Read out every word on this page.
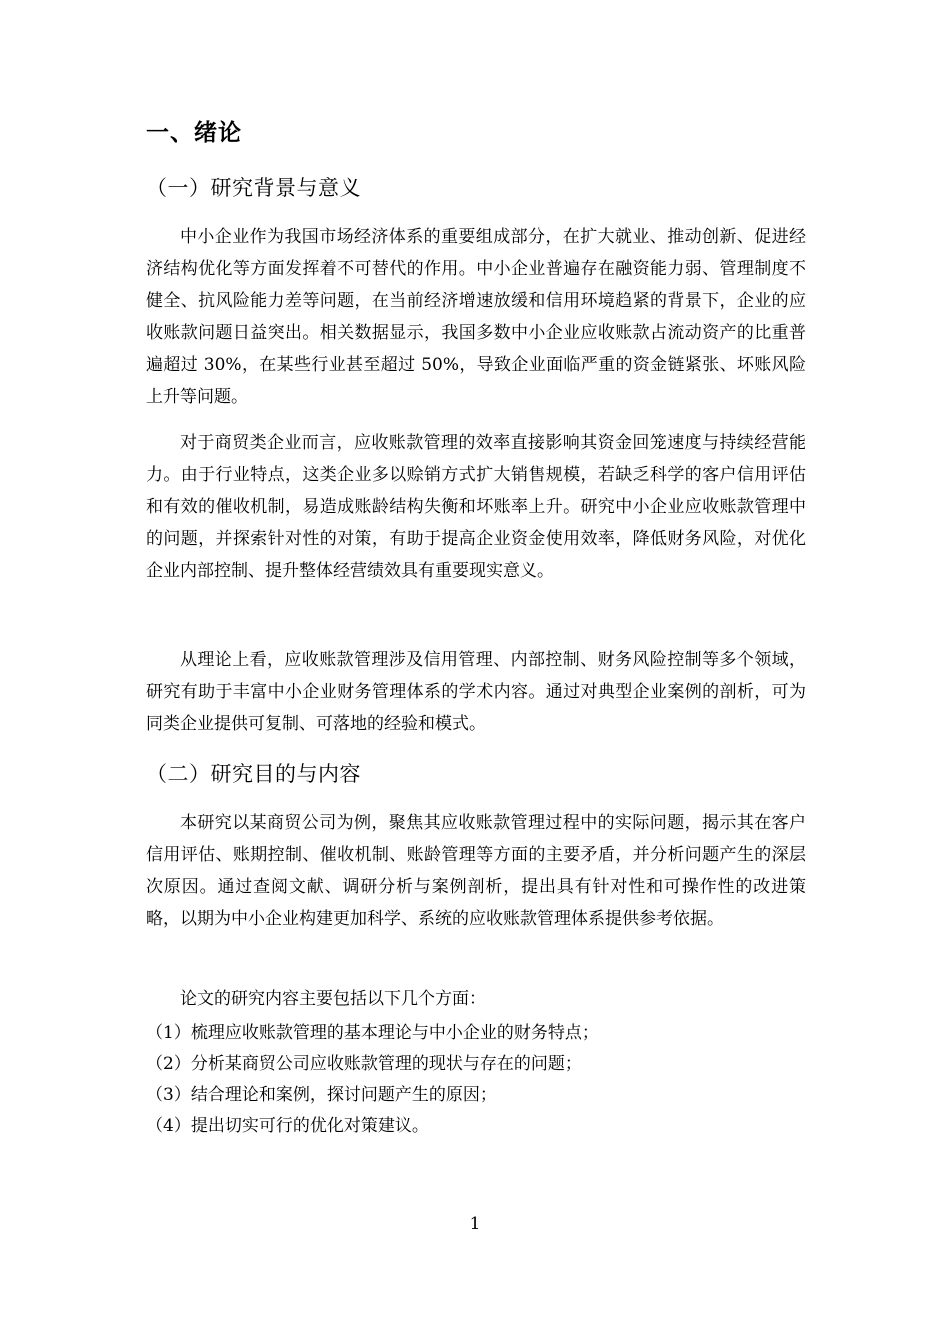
一、绪论
（一）研究背景与意义

中小企业作为我国市场经济体系的重要组成部分，在扩大就业、推动创新、促进经济结构优化等方面发挥着不可替代的作用。中小企业普遍存在融资能力弱、管理制度不健全、抗风险能力差等问题，在当前经济增速放缓和信用环境趋紧的背景下，企业的应收账款问题日益突出。相关数据显示，我国多数中小企业应收账款占流动资产的比重普遍超过 30%，在某些行业甚至超过 50%，导致企业面临严重的资金链紧张、坏账风险上升等问题。

对于商贸类企业而言，应收账款管理的效率直接影响其资金回笼速度与持续经营能力。由于行业特点，这类企业多以赊销方式扩大销售规模，若缺乏科学的客户信用评估和有效的催收机制，易造成账龄结构失衡和坏账率上升。研究中小企业应收账款管理中的问题，并探索针对性的对策，有助于提高企业资金使用效率，降低财务风险，对优化企业内部控制、提升整体经营绩效具有重要现实意义。

从理论上看，应收账款管理涉及信用管理、内部控制、财务风险控制等多个领域，研究有助于丰富中小企业财务管理体系的学术内容。通过对典型企业案例的剖析，可为同类企业提供可复制、可落地的经验和模式。

（二）研究目的与内容

本研究以某商贸公司为例，聚焦其应收账款管理过程中的实际问题，揭示其在客户信用评估、账期控制、催收机制、账龄管理等方面的主要矛盾，并分析问题产生的深层次原因。通过查阅文献、调研分析与案例剖析，提出具有针对性和可操作性的改进策略，以期为中小企业构建更加科学、系统的应收账款管理体系提供参考依据。

论文的研究内容主要包括以下几个方面：

（1）梳理应收账款管理的基本理论与中小企业的财务特点；
（2）分析某商贸公司应收账款管理的现状与存在的问题；
（3）结合理论和案例，探讨问题产生的原因；
（4）提出切实可行的优化对策建议。
1
